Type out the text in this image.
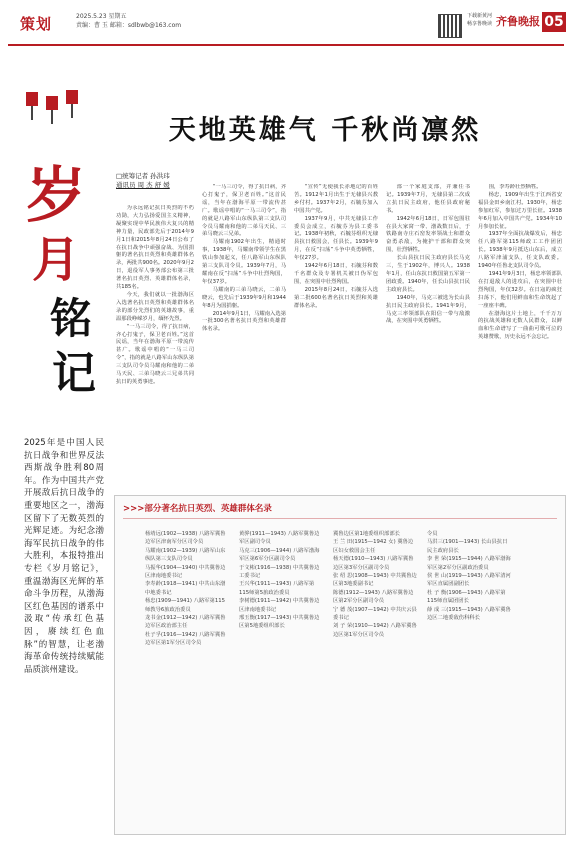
策划	2025.5.23 星期五
责编：曹 玉 邮箱：sdlbwb@163.com
下载新黄河
畅享鲁晚读 齐鲁晚报 05
岁
月
铭
记
2025年是中国人民抗日战争和世界反法西斯战争胜利80周年。作为中国共产党开展敌后抗日战争的重要地区之一，渤海区留下了无数英烈的光辉足迹。为纪念渤海军民抗日战争的伟大胜利，本报特推出专栏《岁月铭记》，重温渤海区光辉的革命斗争历程，从渤海区红色基因的谱系中汲取“传承红色基因，赓续红色血脉”的智慧，让老渤海革命传统持续赋能品质滨州建设。
天地英雄气 千秋尚凛然
□统筹记者 孙洪玮
通讯员 周 杰 舒 媛

为永远铭记抗日英烈的不朽功勋，大力弘扬爱国主义精神，凝聚实现中华民族伟大复兴的精神力量，民政部先后于2014年9月1日和2015年8月24日公布了在抗日战争中顽强奋战、为国捐躯的著名抗日英烈和英雄群体名录，两批共900名。2020年9月2日，退役军人事务部公布第三批著名抗日英烈、英雄群体名录，共185名。

今天，我们就以一批渤海区入选著名抗日英烈和英雄群体名录的部分先烈们的英雄故事，重温那段峥嵘岁月，缅怀先烈。

“一马三司令，得了抗日病，齐心打鬼子，保卫老百姓。”这首民谣，当年在渤海平原一带流传甚广。歌谣中唱的“一马三司令”，指的就是八路军山东纵队第三支队司令员马耀南和他的二弟马天民、三弟马晓云三兄弟共同抗日的英勇事迹。

“一马三司令，得了抗日病，齐心打鬼子，保卫老百姓。”这首民谣，当年在渤海平原一带流传甚广。歌谣中唱的“一马三司令”，指的就是八路军山东纵队第三支队司令员马耀南和他的二弟马天民、三弟马晓云三兄弟。

马耀南1902年出生，精通时事，1938年，马耀南带领学生在黑铁山参加起义，任八路军山东纵队第三支队司令员。1939年7月，马耀南在反“扫荡”斗争中壮烈殉国，年仅37岁。

马耀南的三弟马晓云，二弟马晓云，也先后于1939年9月和1944年8月为国捐躯。

2014年9月1日，马耀南入选第一批300名著名抗日英烈和英雄群体名录。

“宣传”无使我长赤地记的百姓苦。1912年1月出生于无棣县兴教乡付村。1937年2月，石毓芬加入中国共产党。

1937年9月，中共无棣县工作委员会成立，石毓芬为县工委书记。1938年初秋，石毓芬组织无棣县抗日救国会，任县长。1939年9月，在反“扫荡”斗争中英勇牺牲，年仅27岁。

1942年6月18日，石毓芬和数千名群众及专署机关被日伪军包围，在突围中壮烈殉国。

2015年8月24日，石毓芬入选第二批600名著名抗日英烈和英雄群体名录。

部一个家庭支部，并兼任书记。1939年7月，无棣县第二次成立抗日民主政府，他任县政府秘书。

1942年6月18日，日军包围驻在县大家窝一带、渤战数日后，于铁路南寺庄石窑发率领战士和群众奋勇杀敌，为掩护干部和群众突围，壮烈牺牲。

长山县抗日民主政府县长马克三，生于1902年，博兴人。1938年1月，任山东抗日救国第五军第一团政委。1940年，任长山县抗日民主政府县长。

1940年，马克三被选为长山县抗日民主政府县长。1941年9月，马克三率领部队在阳信一带与敌激战，在突围中英勇牺牲。

围，李寿龄壮烈牺牲。

杨忠，1909年出生于江西省安福县金田乡南江村。1930年，杨忠参加红军，参加过万里长征。1938年6月加入中国共产党。1934年10月参加长征。

1937年全面抗战爆发后，杨忠任八路军第115师政工工作团团长。1938年9月抵达山东后，成立八路军津浦支队，任支队政委。1940年任鲁北支队司令员。

1941年9月3日，杨忠率领部队在打退敌人的进攻后，在突围中壮烈殉国，年仅32岁。在日寇的疯狂扫荡下，他们用鲜血和生命筑起了一座座丰碑。

在渤海这片土地上，千千万万的抗战英雄和无数人民群众，以鲜血和生命谱写了一曲曲可歌可泣的英雄赞歌，历史永远不会忘记。

>>>部分著名抗日英烈、英雄群体名录
杨靖远(1902—1938) 八路军冀鲁边军区津南军分区司令员
马耀南(1902—1939) 八路军山东纵队第三支队司令员
马振华(1904—1940) 中共冀鲁边区津南地委书记
李寿龄(1918—1941) 中共山东渤中地委书记
杨忠(1909—1941) 八路军第115师教导6旅政治委员
龙书金(1912—1942) 八路军冀鲁边军区政治部主任
杜子孚(1916—1942) 八路军冀鲁边军区第1军分区司令员
黄骅(1911—1943) 八路军冀鲁边军区副司令员
马克三(1906—1944) 八路军渤海军区第6军分区副司令员
于文彬(1916—1938) 中共冀鲁边工委书记
王兴华(1911—1943) 八路军第115师第5旅政治委员
李树德(1911—1942) 中共冀鲁边区津南地委书记
邢玉衡(1917—1943) 中共冀鲁边区第5地委组织部长
冀鲁边区第1地委组织部部长
王 兰 田(1915—1942 女) 冀鲁边区妇女救国会主任
杨天德(1910—1943) 八路军冀鲁边区第3军分区副司令员
张 绍 思(1908—1943) 中共冀鲁边区第3地委副书记
陈德(1912—1943) 八路军冀鲁边区第2军分区副司令员
宁 德 茂(1907—1942) 中共庆云县委书记
刘 子 荣(1910—1942) 八路军冀鲁边区第1军分区司令员
令员
马洪三(1901—1943) 长山县抗日民主政府县长
李 世 荣(1915—1944) 八路军渤海军区第2军分区副政治委员
侯 世 山(1919—1943) 八路军清河军区直属团副团长
杜 子 衡(1906—1943) 八路军第115师直属团团长
薛 成 三(1915—1943) 八路军冀鲁边区二地委敌伤科科长
